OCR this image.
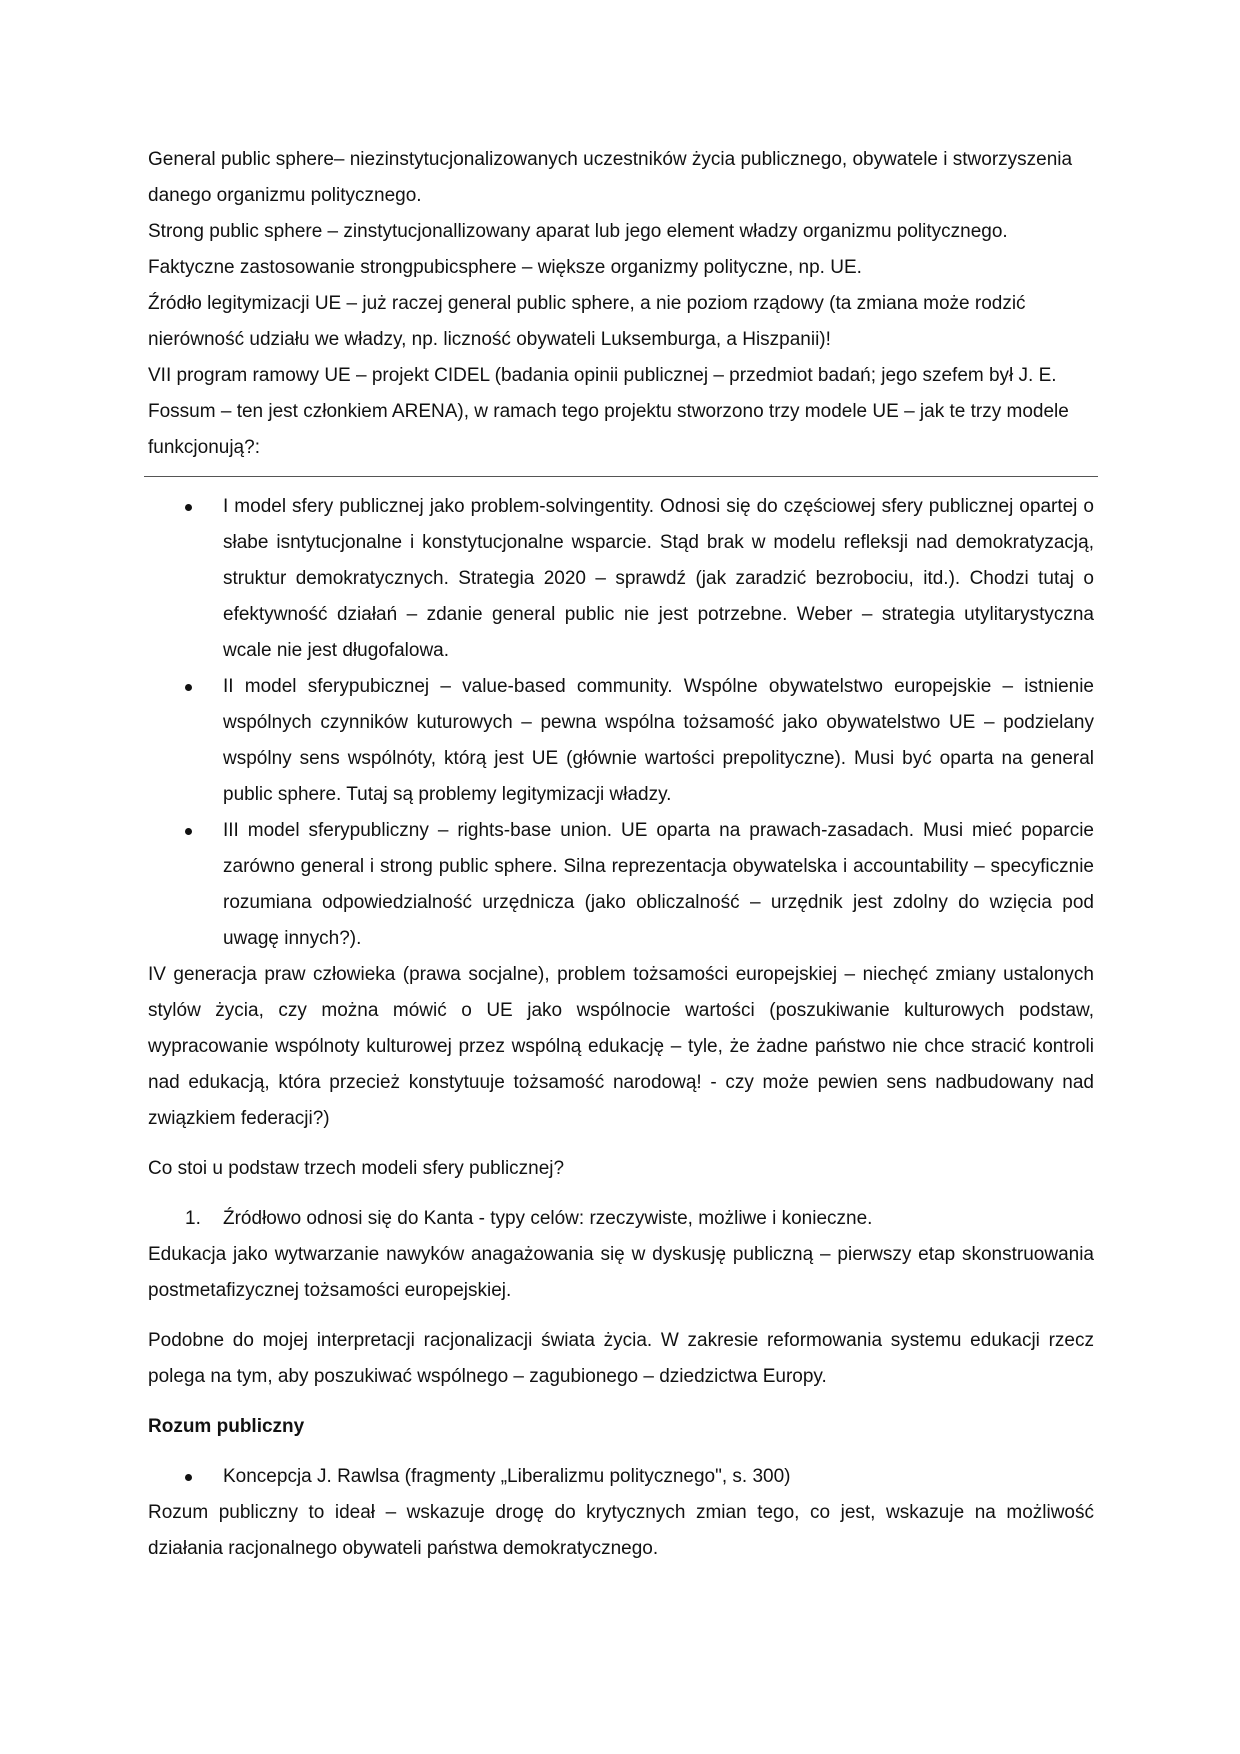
General public sphere– niezinstytucjonalizowanych uczestników życia publicznego, obywatele i stworzyszenia danego organizmu politycznego.

Strong public sphere – zinstytucjonallizowany aparat lub jego element władzy organizmu politycznego.

Faktyczne zastosowanie strongpubicsphere – większe organizmy polityczne, np. UE.

Źródło legitymizacji UE – już raczej general public sphere, a nie poziom rządowy (ta zmiana może rodzić nierówność udziału we władzy, np. liczność obywateli Luksemburga, a Hiszpanii)!

VII program ramowy UE – projekt CIDEL (badania opinii publicznej – przedmiot badań; jego szefem był J. E. Fossum – ten jest członkiem ARENA), w ramach tego projektu stworzono trzy modele UE – jak te trzy modele funkcjonują?:

I model sfery publicznej jako problem-solvingentity. Odnosi się do częściowej sfery publicznej opartej o słabe isntytucjonalne i konstytucjonalne wsparcie. Stąd brak w modelu refleksji nad demokratyzacją, struktur demokratycznych. Strategia 2020 – sprawdź (jak zaradzić bezrobociu, itd.). Chodzi tutaj o efektywność działań – zdanie general public nie jest potrzebne. Weber – strategia utylitarystyczna wcale nie jest długofalowa.
II model sferypubicznej – value-based community. Wspólne obywatelstwo europejskie – istnienie wspólnych czynników kuturowych – pewna wspólna tożsamość jako obywatelstwo UE – podzielany wspólny sens wspólnóty, którą jest UE (głównie wartości prepolityczne). Musi być oparta na general public sphere. Tutaj są problemy legitymizacji władzy.
III model sferypubliczny – rights-base union. UE oparta na prawach-zasadach. Musi mieć poparcie zarówno general i strong public sphere. Silna reprezentacja obywatelska i accountability – specyficznie rozumiana odpowiedzialność urzędnicza (jako obliczalność – urzędnik jest zdolny do wzięcia pod uwagę innych?).

IV generacja praw człowieka (prawa socjalne), problem tożsamości europejskiej – niechęć zmiany ustalonych stylów życia, czy można mówić o UE jako wspólnocie wartości (poszukiwanie kulturowych podstaw, wypracowanie wspólnoty kulturowej przez wspólną edukację – tyle, że żadne państwo nie chce stracić kontroli nad edukacją, która przecież konstytuuje tożsamość narodową! - czy może pewien sens nadbudowany nad związkiem federacji?)

Co stoi u podstaw trzech modeli sfery publicznej?

1. Źródłowo odnosi się do Kanta - typy celów: rzeczywiste, możliwe i konieczne.

Edukacja jako wytwarzanie nawyków anagażowania się w dyskusję publiczną – pierwszy etap skonstruowania postmetafizycznej tożsamości europejskiej.

Podobne do mojej interpretacji racjonalizacji świata życia. W zakresie reformowania systemu edukacji rzecz polega na tym, aby poszukiwać wspólnego – zagubionego – dziedzictwa Europy.

Rozum publiczny

Koncepcja J. Rawlsa (fragmenty „Liberalizmu politycznego", s. 300)

Rozum publiczny to ideał – wskazuje drogę do krytycznych zmian tego, co jest, wskazuje na możliwość działania racjonalnego obywateli państwa demokratycznego.
